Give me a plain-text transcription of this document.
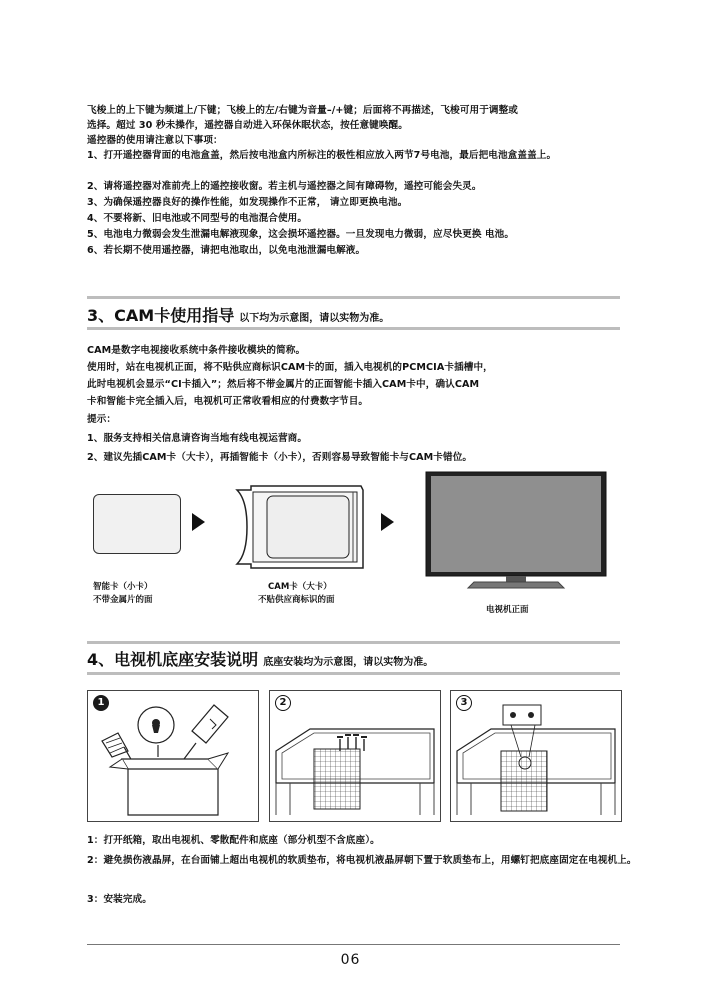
飞梭上的上下键为频道上/下键；飞梭上的左/右键为音量–/+键；后面将不再描述，飞梭可用于调整或
选择。超过 30 秒未操作，遥控器自动进入环保休眠状态，按任意键唤醒。
遥控器的使用请注意以下事项：
1、打开遥控器背面的电池盒盖，然后按电池盒内所标注的极性相应放入两节7号电池，最后把电池盒盖盖上。
2、请将遥控器对准前壳上的遥控接收窗。若主机与遥控器之间有障碍物，遥控可能会失灵。
3、为确保遥控器良好的操作性能，如发现操作不正常， 请立即更换电池。
4、不要将新、旧电池或不同型号的电池混合使用。
5、电池电力微弱会发生泄漏电解液现象，这会损坏遥控器。一旦发现电力微弱，应尽快更换 电池。
6、若长期不使用遥控器，请把电池取出，以免电池泄漏电解液。
3、CAM卡使用指导 以下均为示意图，请以实物为准。
CAM是数字电视接收系统中条件接收模块的简称。
使用时，站在电视机正面，将不贴供应商标识CAM卡的面，插入电视机的PCMCIA卡插槽中，
此时电视机会显示“CI卡插入”；然后将不带金属片的正面智能卡插入CAM卡中，确认CAM
卡和智能卡完全插入后，电视机可正常收看相应的付费数字节目。
提示：
1、服务支持相关信息请咨询当地有线电视运营商。
2、建议先插CAM卡（大卡），再插智能卡（小卡），否则容易导致智能卡与CAM卡错位。
智能卡（小卡）
不带金属片的面
CAM卡（大卡）
不贴供应商标识的面
电视机正面
4、电视机底座安装说明 底座安装均为示意图，请以实物为准。
1	2	3
1：打开纸箱，取出电视机、零散配件和底座（部分机型不含底座）。
2：避免损伤液晶屏，在台面铺上超出电视机的软质垫布，将电视机液晶屏朝下置于软质垫布上，用螺钉把底座固定在电视机上。
3：安装完成。
06
